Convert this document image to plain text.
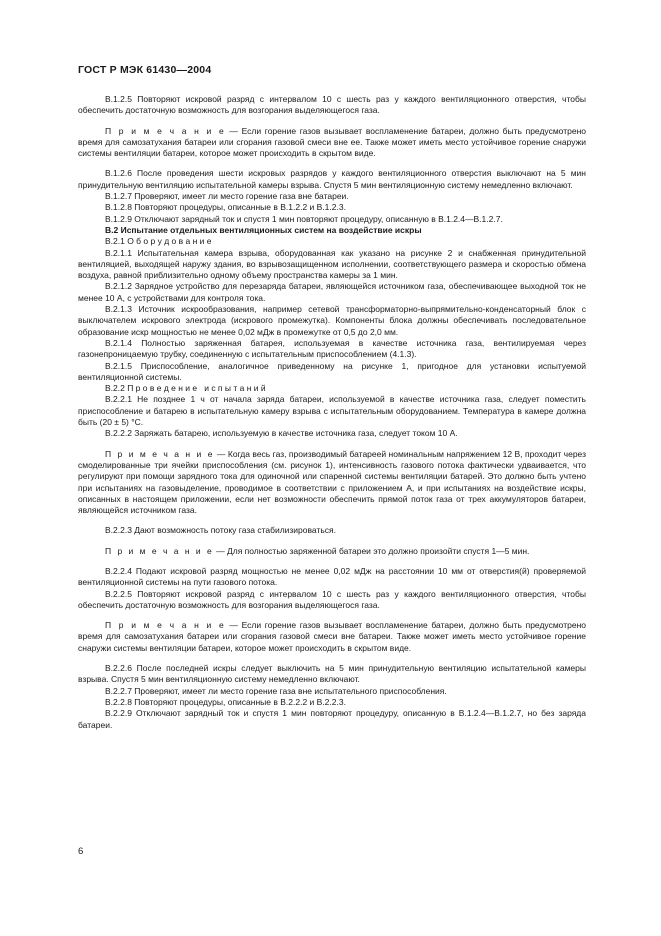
ГОСТ Р МЭК 61430—2004

В.1.2.5 Повторяют искровой разряд с интервалом 10 с шесть раз у каждого вентиляционного отверстия, чтобы обеспечить достаточную возможность для возгорания выделяющегося газа.

П р и м е ч а н и е — Если горение газов вызывает воспламенение батареи, должно быть предусмотрено время для самозатухания батареи или сгорания газовой смеси вне ее. Также может иметь место устойчивое горение снаружи системы вентиляции батареи, которое может происходить в скрытом виде.

В.1.2.6 После проведения шести искровых разрядов у каждого вентиляционного отверстия выключают на 5 мин принудительную вентиляцию испытательной камеры взрыва. Спустя 5 мин вентиляционную систему немедленно включают.

В.1.2.7 Проверяют, имеет ли место горение газа вне батареи.

В.1.2.8 Повторяют процедуры, описанные в В.1.2.2 и В.1.2.3.

В.1.2.9 Отключают зарядный ток и спустя 1 мин повторяют процедуру, описанную в В.1.2.4—В.1.2.7.

В.2 Испытание отдельных вентиляционных систем на воздействие искры

В.2.1 О б о р у д о в а н и е

В.2.1.1 Испытательная камера взрыва, оборудованная как указано на рисунке 2 и снабженная принудительной вентиляцией, выходящей наружу здания, во взрывозащищенном исполнении, соответствующего размера и скоростью обмена воздуха, равной приблизительно одному объему пространства камеры за 1 мин.

В.2.1.2 Зарядное устройство для перезаряда батареи, являющейся источником газа, обеспечивающее выходной ток не менее 10 А, с устройствами для контроля тока.

В.2.1.3 Источник искрообразования, например сетевой трансформаторно-выпрямительно-конденсаторный блок с выключателем искрового электрода (искрового промежутка). Компоненты блока должны обеспечивать последовательное образование искр мощностью не менее 0,02 мДж в промежутке от 0,5 до 2,0 мм.

В.2.1.4 Полностью заряженная батарея, используемая в качестве источника газа, вентилируемая через газонепроницаемую трубку, соединенную с испытательным приспособлением (4.1.3).

В.2.1.5 Приспособление, аналогичное приведенному на рисунке 1, пригодное для установки испытуемой вентиляционной системы.

В.2.2 П р о в е д е н и е   и с п ы т а н и й

В.2.2.1 Не позднее 1 ч от начала заряда батареи, используемой в качестве источника газа, следует поместить приспособление и батарею в испытательную камеру взрыва с испытательным оборудованием. Температура в камере должна быть (20 ± 5) °С.

В.2.2.2 Заряжать батарею, используемую в качестве источника газа, следует током 10 А.

П р и м е ч а н и е — Когда весь газ, производимый батареей номинальным напряжением 12 В, проходит через смоделированные три ячейки приспособления (см. рисунок 1), интенсивность газового потока фактически удваивается, что регулируют при помощи зарядного тока для одиночной или спаренной системы вентиляции батарей. Это должно быть учтено при испытаниях на газовыделение, проводимое в соответствии с приложением А, и при испытаниях на воздействие искры, описанных в настоящем приложении, если нет возможности обеспечить прямой поток газа от трех аккумуляторов батареи, являющейся источником газа.

В.2.2.3 Дают возможность потоку газа стабилизироваться.

П р и м е ч а н и е — Для полностью заряженной батареи это должно произойти спустя 1—5 мин.

В.2.2.4 Подают искровой разряд мощностью не менее 0,02 мДж на расстоянии 10 мм от отверстия(й) проверяемой вентиляционной системы на пути газового потока.

В.2.2.5 Повторяют искровой разряд с интервалом 10 с шесть раз у каждого вентиляционного отверстия, чтобы обеспечить достаточную возможность для возгорания выделяющегося газа.

П р и м е ч а н и е — Если горение газов вызывает воспламенение батареи, должно быть предусмотрено время для самозатухания батареи или сгорания газовой смеси вне батареи. Также может иметь место устойчивое горение снаружи системы вентиляции батареи, которое может происходить в скрытом виде.

В.2.2.6 После последней искры следует выключить на 5 мин принудительную вентиляцию испытательной камеры взрыва. Спустя 5 мин вентиляционную систему немедленно включают.

В.2.2.7 Проверяют, имеет ли место горение газа вне испытательного приспособления.

В.2.2.8 Повторяют процедуры, описанные в В.2.2.2 и В.2.2.3.

В.2.2.9 Отключают зарядный ток и спустя 1 мин повторяют процедуру, описанную в В.1.2.4—В.1.2.7, но без заряда батареи.

6
